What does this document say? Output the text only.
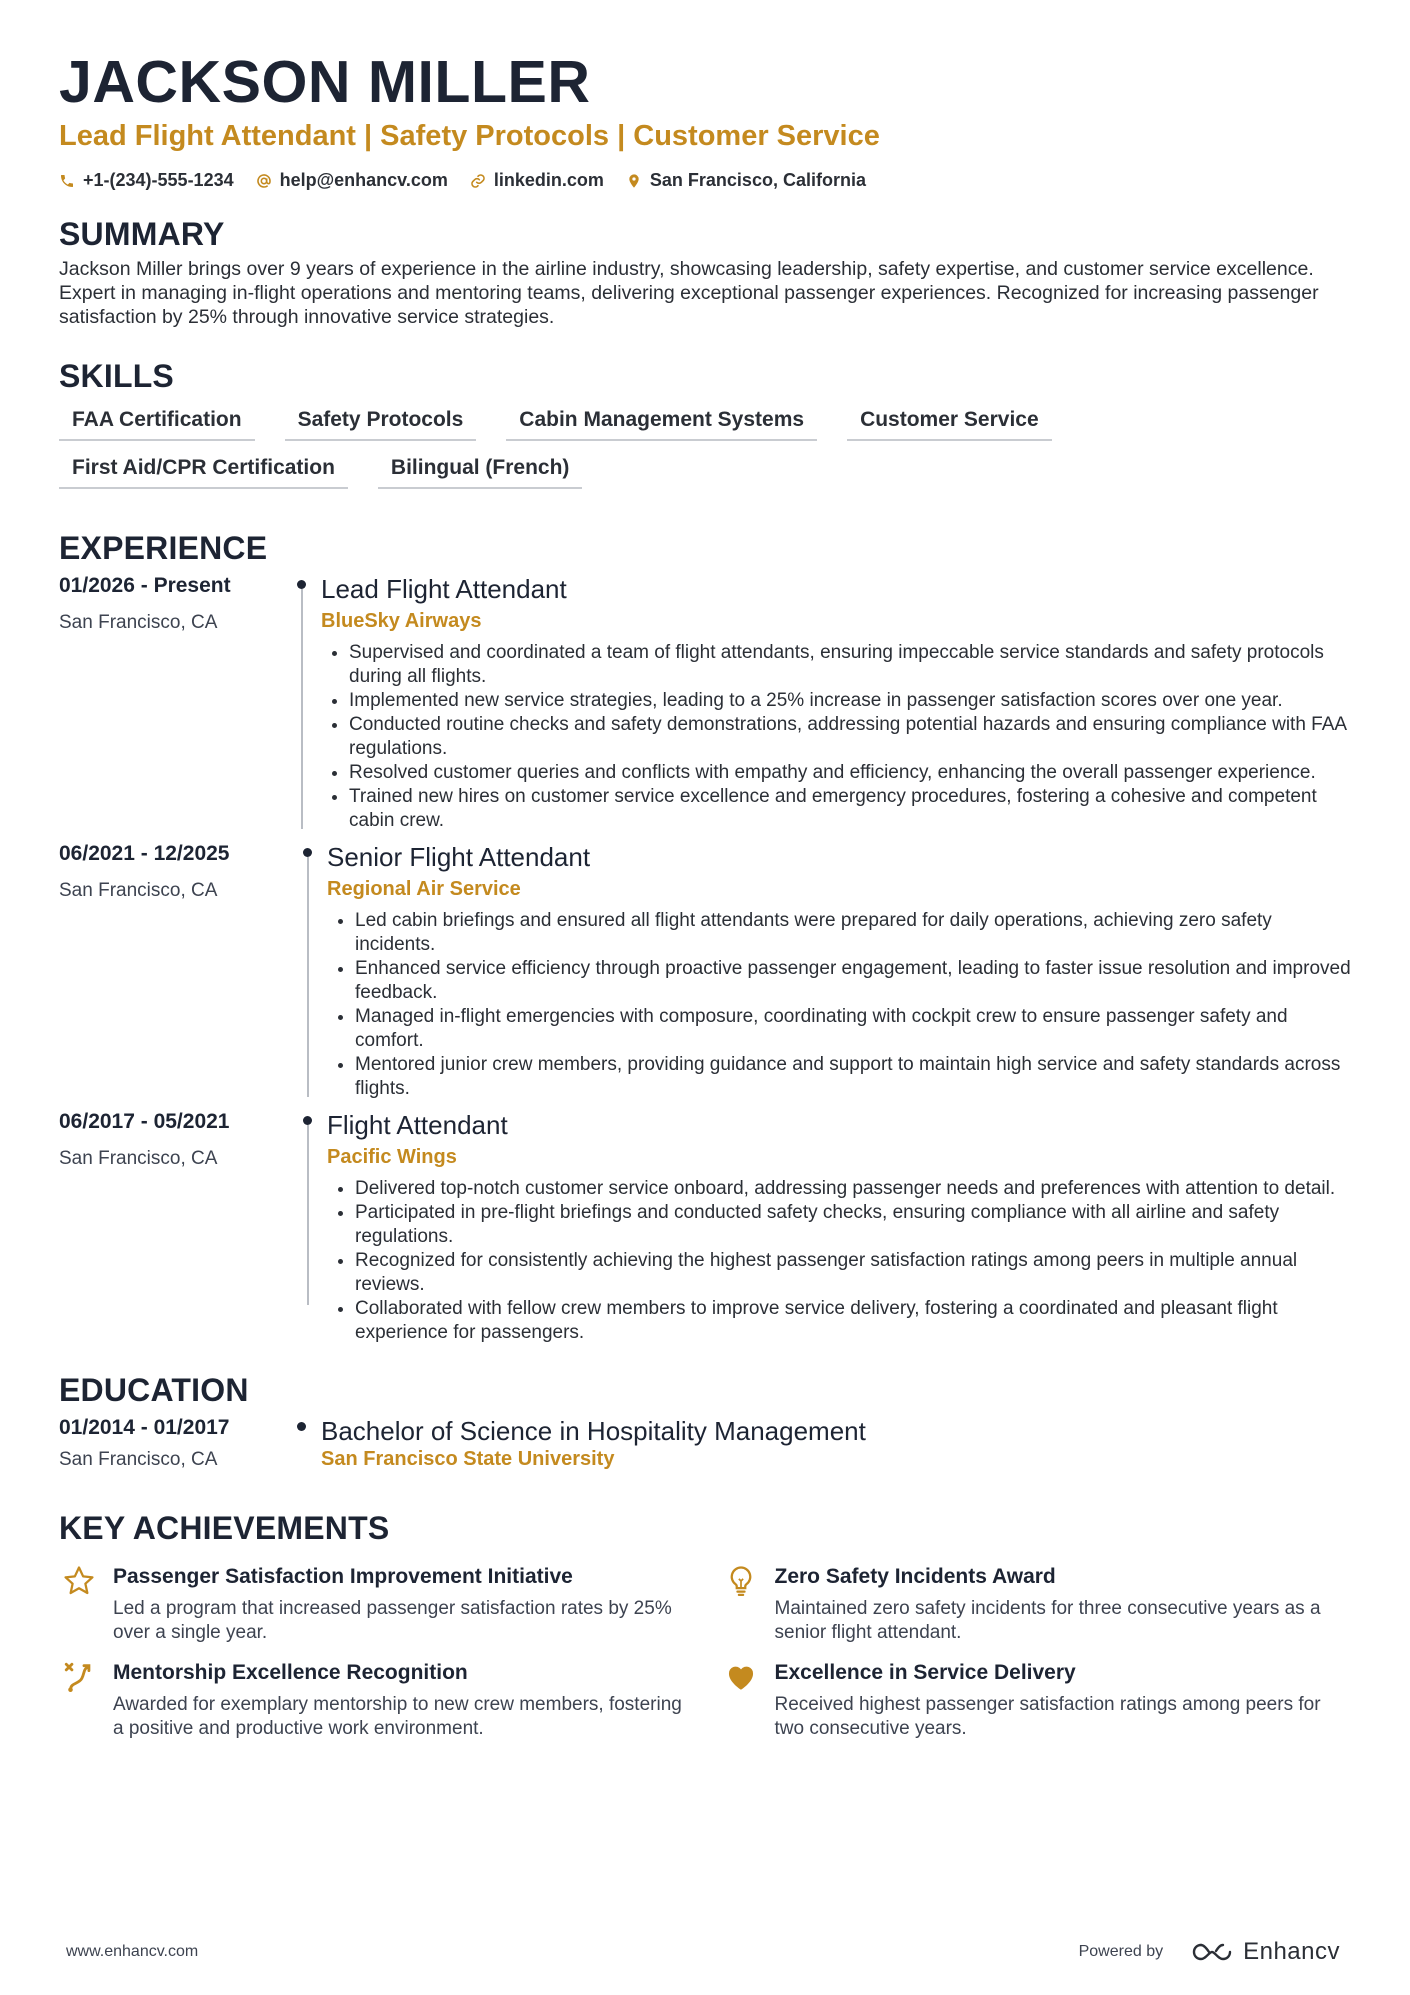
JACKSON MILLER
Lead Flight Attendant | Safety Protocols | Customer Service
+1-(234)-555-1234	help@enhancv.com	linkedin.com	San Francisco, California
SUMMARY

Jackson Miller brings over 9 years of experience in the airline industry, showcasing leadership, safety expertise, and customer service excellence. Expert in managing in-flight operations and mentoring teams, delivering exceptional passenger experiences. Recognized for increasing passenger satisfaction by 25% through innovative service strategies.

SKILLS
FAA Certification	Safety Protocols	Cabin Management Systems	Customer Service
First Aid/CPR Certification	Bilingual (French)
EXPERIENCE
01/2026 - Present
San Francisco, CA
Lead Flight Attendant
BlueSky Airways
• Supervised and coordinated a team of flight attendants, ensuring impeccable service standards and safety protocols during all flights.
• Implemented new service strategies, leading to a 25% increase in passenger satisfaction scores over one year.
• Conducted routine checks and safety demonstrations, addressing potential hazards and ensuring compliance with FAA regulations.
• Resolved customer queries and conflicts with empathy and efficiency, enhancing the overall passenger experience.
• Trained new hires on customer service excellence and emergency procedures, fostering a cohesive and competent cabin crew.
06/2021 - 12/2025
San Francisco, CA
Senior Flight Attendant
Regional Air Service
• Led cabin briefings and ensured all flight attendants were prepared for daily operations, achieving zero safety incidents.
• Enhanced service efficiency through proactive passenger engagement, leading to faster issue resolution and improved feedback.
• Managed in-flight emergencies with composure, coordinating with cockpit crew to ensure passenger safety and comfort.
• Mentored junior crew members, providing guidance and support to maintain high service and safety standards across flights.
06/2017 - 05/2021
San Francisco, CA
Flight Attendant
Pacific Wings
• Delivered top-notch customer service onboard, addressing passenger needs and preferences with attention to detail.
• Participated in pre-flight briefings and conducted safety checks, ensuring compliance with all airline and safety regulations.
• Recognized for consistently achieving the highest passenger satisfaction ratings among peers in multiple annual reviews.
• Collaborated with fellow crew members to improve service delivery, fostering a coordinated and pleasant flight experience for passengers.
EDUCATION
01/2014 - 01/2017
San Francisco, CA
Bachelor of Science in Hospitality Management
San Francisco State University
KEY ACHIEVEMENTS
Passenger Satisfaction Improvement Initiative
Led a program that increased passenger satisfaction rates by 25% over a single year.
Zero Safety Incidents Award
Maintained zero safety incidents for three consecutive years as a senior flight attendant.
Mentorship Excellence Recognition
Awarded for exemplary mentorship to new crew members, fostering a positive and productive work environment.
Excellence in Service Delivery
Received highest passenger satisfaction ratings among peers for two consecutive years.
www.enhancv.com	Powered by	Enhancv
